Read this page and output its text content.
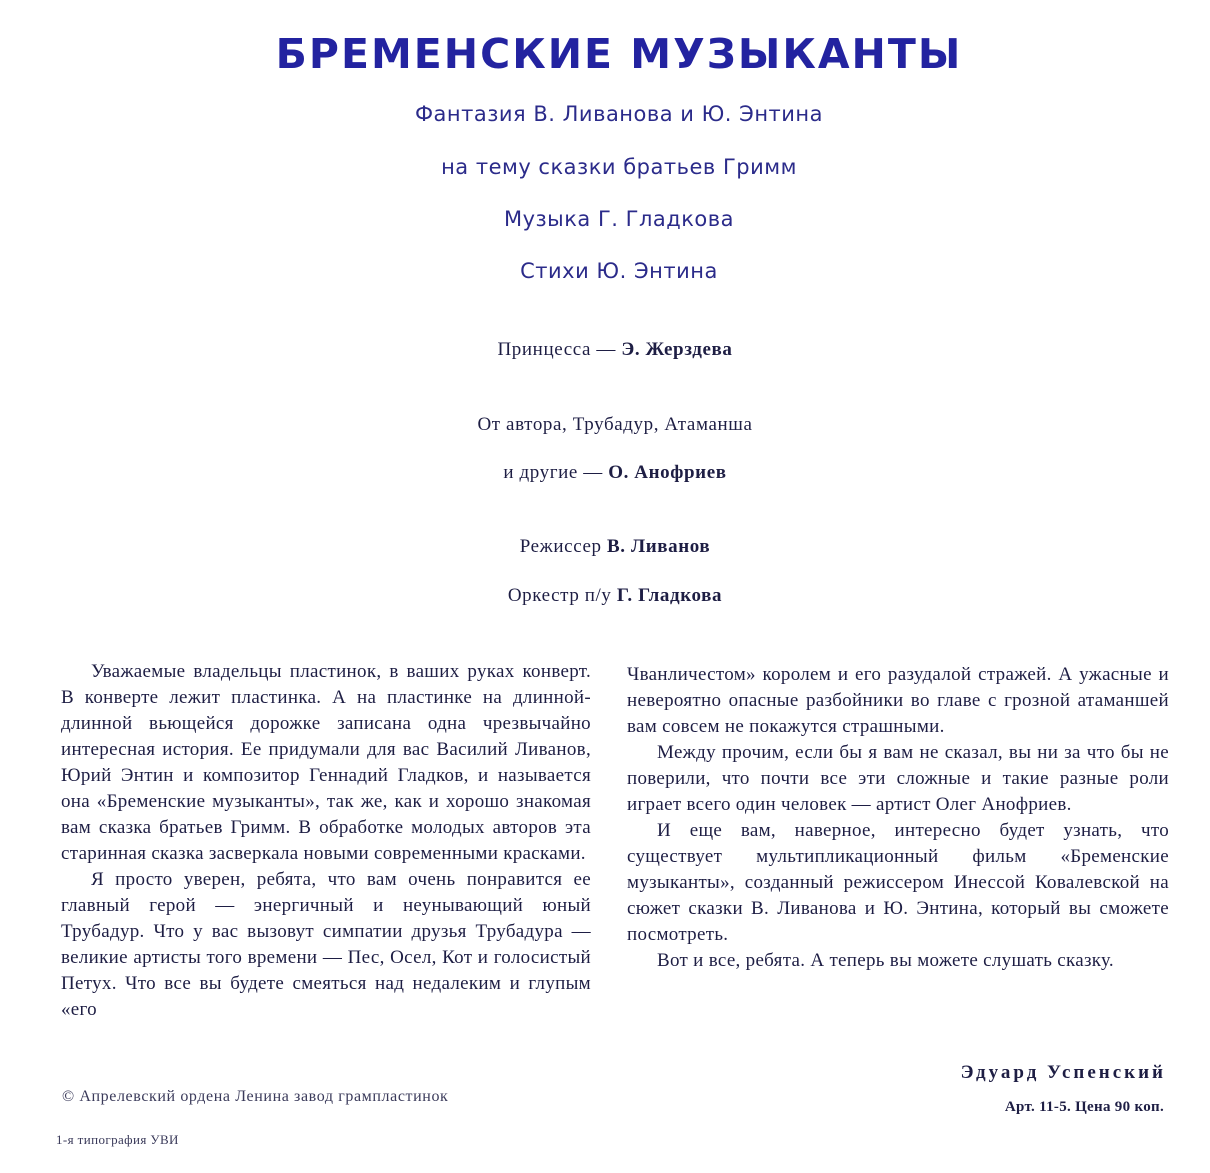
БРЕМЕНСКИЕ МУЗЫКАНТЫ

Фантазия В. Ливанова и Ю. Энтина

на тему сказки братьев Гримм

Музыка Г. Гладкова

Стихи Ю. Энтина

Принцесса — Э. Жерздева

От автора, Трубадур, Атаманша

и другие — О. Анофриев

Режиссер В. Ливанов

Оркестр п/у Г. Гладкова

Уважаемые владельцы пластинок, в ваших руках конверт. В конверте лежит пластинка. А на пластинке на длинной-длинной вьющейся дорожке записана одна чрезвычайно интересная история. Ее придумали для вас Василий Ливанов, Юрий Энтин и композитор Геннадий Гладков, и называется она «Бременские музыканты», так же, как и хорошо знакомая вам сказка братьев Гримм. В обработке молодых авторов эта старинная сказка засверкала новыми современными красками.

Я просто уверен, ребята, что вам очень понравится ее главный герой — энергичный и неунывающий юный Трубадур. Что у вас вызовут симпатии друзья Трубадура — великие артисты того времени — Пес, Осел, Кот и голосистый Петух. Что все вы будете смеяться над недалеким и глупым «его

Чванличестом» королем и его разудалой стражей. А ужасные и невероятно опасные разбойники во главе с грозной атаманшей вам совсем не покажутся страшными.

Между прочим, если бы я вам не сказал, вы ни за что бы не поверили, что почти все эти сложные и такие разные роли играет всего один человек — артист Олег Анофриев.

И еще вам, наверное, интересно будет узнать, что существует мультипликационный фильм «Бременские музыканты», созданный режиссером Инессой Ковалевской на сюжет сказки В. Ливанова и Ю. Энтина, который вы сможете посмотреть.

Вот и все, ребята. А теперь вы можете слушать сказку.

Эдуард Успенский

Арт. 11-5. Цена 90 коп.

© Апрелевский ордена Ленина завод грампластинок

1-я типография УВИ
